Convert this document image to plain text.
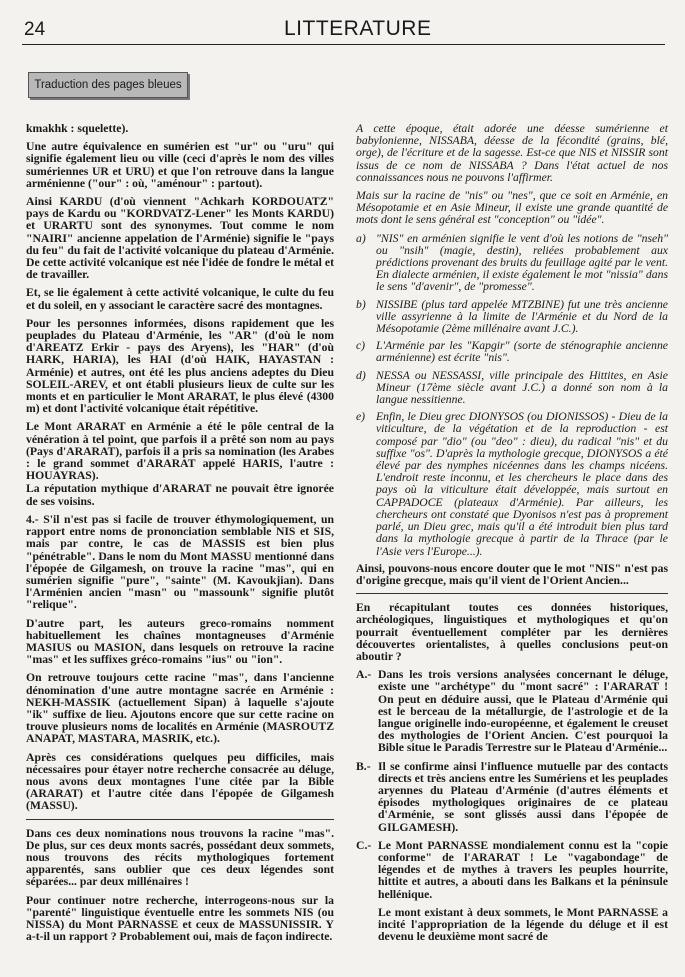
24	LITTERATURE
Traduction des pages bleues

kmakhk : squelette).

Une autre équivalence en sumérien est "ur" ou "uru" qui signifie également lieu ou ville (ceci d'après le nom des villes sumériennes UR et URU) et que l'on retrouve dans la langue arménienne ("our" : où, "aménour" : partout).

Ainsi KARDU (d'où viennent "Achkarh KORDOUATZ" pays de Kardu ou "KORDVATZ-Lener" les Monts KARDU) et URARTU sont des synonymes. Tout comme le nom "NAIRI" ancienne appelation de l'Arménie) signifie le "pays du feu" du fait de l'activité volcanique du plateau d'Arménie. De cette activité volcanique est née l'idée de fondre le métal et de travailler.

Et, se lie également à cette activité volcanique, le culte du feu et du soleil, en y associant le caractère sacré des montagnes.

Pour les personnes informées, disons rapidement que les peuplades du Plateau d'Arménie, les "AR" (d'où le nom d'AREATZ Erkir - pays des Aryens), les "HAR" (d'où HARK, HARIA), les HAI (d'où HAIK, HAYASTAN : Arménie) et autres, ont été les plus anciens adeptes du Dieu SOLEIL-AREV, et ont établi plusieurs lieux de culte sur les monts et en particulier le Mont ARARAT, le plus élevé (4300 m) et dont l'activité volcanique était répétitive.

Le Mont ARARAT en Arménie a été le pôle central de la vénération à tel point, que parfois il a prêté son nom au pays (Pays d'ARARAT), parfois il a pris sa nomination (les Arabes : le grand sommet d'ARARAT appelé HARIS, l'autre : HOUAYRAS).

La réputation mythique d'ARARAT ne pouvait être ignorée de ses voisins.

4.- S'il n'est pas si facile de trouver éthymologiquement, un rapport entre noms de prononciation semblable NIS et SIS, mais par contre, le cas de MASSIS est bien plus "pénétrable". Dans le nom du Mont MASSU mentionné dans l'épopée de Gilgamesh, on trouve la racine "mas", qui en sumérien signifie "pure", "sainte" (M. Kavoukjian). Dans l'Arménien ancien "masn" ou "massounk" signifie plutôt "relique".

D'autre part, les auteurs greco-romains nomment habituellement les chaînes montagneuses d'Arménie MASIUS ou MASION, dans lesquels on retrouve la racine "mas" et les suffixes gréco-romains "ius" ou "ion".

On retrouve toujours cette racine "mas", dans l'ancienne dénomination d'une autre montagne sacrée en Arménie : NEKH-MASSIK (actuellement Sipan) à laquelle s'ajoute "ik" suffixe de lieu. Ajoutons encore que sur cette racine on trouve plusieurs noms de localités en Arménie (MASROUTZ ANAPAT, MASTARA, MASRIK, etc.).

Après ces considérations quelques peu difficiles, mais nécessaires pour étayer notre recherche consacrée au déluge, nous avons deux montagnes l'une citée par la Bible (ARARAT) et l'autre citée dans l'épopée de Gilgamesh (MASSU).

Dans ces deux nominations nous trouvons la racine "mas". De plus, sur ces deux monts sacrés, possédant deux sommets, nous trouvons des récits mythologiques fortement apparentés, sans oublier que ces deux légendes sont séparées... par deux millénaires !

Pour continuer notre recherche, interrogeons-nous sur la "parenté" linguistique éventuelle entre les sommets NIS (ou NISSA) du Mont PARNASSE et ceux de MASSUNISSIR. Y a-t-il un rapport ? Probablement oui, mais de façon indirecte.

A cette époque, était adorée une déesse sumérienne et babylonienne, NISSABA, déesse de la fécondité (grains, blé, orge), de l'écriture et de la sagesse. Est-ce que NIS et NISSIR sont issus de ce nom de NISSABA ? Dans l'état actuel de nos connaissances nous ne pouvons l'affirmer.

Mais sur la racine de "nis" ou "nes", que ce soit en Arménie, en Mésopotamie et en Asie Mineur, il existe une grande quantité de mots dont le sens général est "conception" ou "idée".

a) "NIS" en arménien signifie le vent d'où les notions de "nseh" ou "nsih" (magie, destin), reliées probablement aux prédictions provenant des bruits du feuillage agité par le vent. En dialecte arménien, il existe également le mot "nissia" dans le sens "d'avenir", de "promesse".
b) NISSIBE (plus tard appelée MTZBINE) fut une très ancienne ville assyrienne à la limite de l'Arménie et du Nord de la Mésopotamie (2ème millénaire avant J.C.).
c) L'Arménie par les "Kapgir" (sorte de sténographie ancienne arménienne) est écrite "nis".
d) NESSA ou NESSASSI, ville principale des Hittites, en Asie Mineur (17ème siècle avant J.C.) a donné son nom à la langue nessitienne.
e) Enfin, le Dieu grec DIONYSOS (ou DIONISSOS) - Dieu de la viticulture, de la végétation et de la reproduction - est composé par "dio" (ou "deo" : dieu), du radical "nis" et du suffixe "os". D'après la mythologie grecque, DIONYSOS a été élevé par des nymphes nicéennes dans les champs nicéens. L'endroit reste inconnu, et les chercheurs le place dans des pays où la viticulture était développée, mais surtout en CAPPADOCE (plateaux d'Arménie). Par ailleurs, les chercheurs ont constaté que Dyonisos n'est pas à proprement parlé, un Dieu grec, mais qu'il a été introduit bien plus tard dans la mythologie grecque à partir de la Thrace (par le l'Asie vers l'Europe...).

Ainsi, pouvons-nous encore douter que le mot "NIS" n'est pas d'origine grecque, mais qu'il vient de l'Orient Ancien...

En récapitulant toutes ces données historiques, archéologiques, linguistiques et mythologiques et qu'on pourrait éventuellement compléter par les dernières découvertes orientalistes, à quelles conclusions peut-on aboutir ?

A.- Dans les trois versions analysées concernant le déluge, existe une "archétype" du "mont sacré" : l'ARARAT ! On peut en déduire aussi, que le Plateau d'Arménie qui est le berceau de la métallurgie, de l'astrologie et de la langue originelle indo-européenne, et également le creuset des mythologies de l'Orient Ancien. C'est pourquoi la Bible situe le Paradis Terrestre sur le Plateau d'Arménie...
B.- Il se confirme ainsi l'influence mutuelle par des contacts directs et très anciens entre les Sumériens et les peuplades aryennes du Plateau d'Arménie (d'autres éléments et épisodes mythologiques originaires de ce plateau d'Arménie, se sont glissés aussi dans l'épopée de GILGAMESH).
C.- Le Mont PARNASSE mondialement connu est la "copie conforme" de l'ARARAT ! Le "vagabondage" de légendes et de mythes à travers les peuples hourrite, hittite et autres, a abouti dans les Balkans et la péninsule hellénique.

Le mont existant à deux sommets, le Mont PARNASSE a incité l'appropriation de la légende du déluge et il est devenu le deuxième mont sacré de
